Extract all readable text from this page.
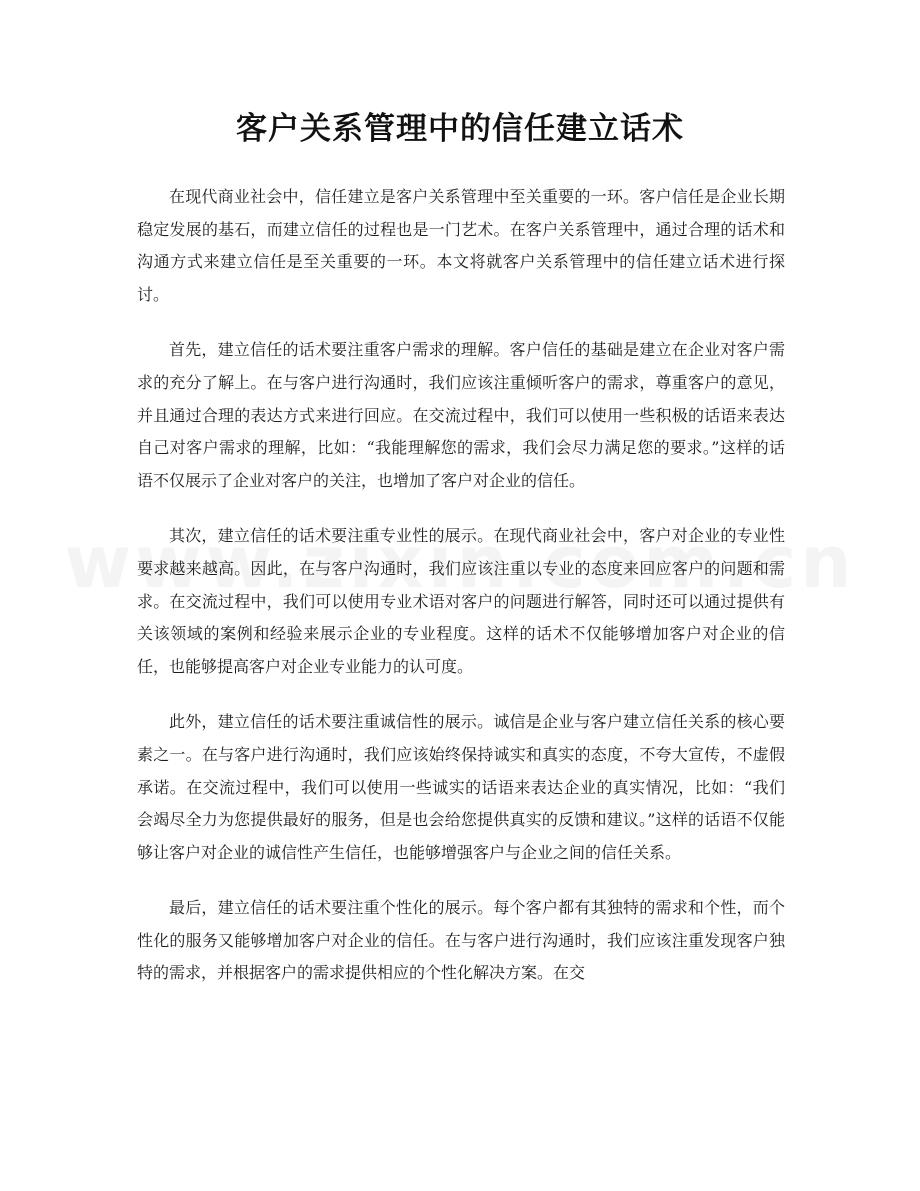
客户关系管理中的信任建立话术

在现代商业社会中，信任建立是客户关系管理中至关重要的一环。客户信任是企业长期稳定发展的基石，而建立信任的过程也是一门艺术。在客户关系管理中，通过合理的话术和沟通方式来建立信任是至关重要的一环。本文将就客户关系管理中的信任建立话术进行探讨。

首先，建立信任的话术要注重客户需求的理解。客户信任的基础是建立在企业对客户需求的充分了解上。在与客户进行沟通时，我们应该注重倾听客户的需求，尊重客户的意见，并且通过合理的表达方式来进行回应。在交流过程中，我们可以使用一些积极的话语来表达自己对客户需求的理解，比如：“我能理解您的需求，我们会尽力满足您的要求。”这样的话语不仅展示了企业对客户的关注，也增加了客户对企业的信任。

其次，建立信任的话术要注重专业性的展示。在现代商业社会中，客户对企业的专业性要求越来越高。因此，在与客户沟通时，我们应该注重以专业的态度来回应客户的问题和需求。在交流过程中，我们可以使用专业术语对客户的问题进行解答，同时还可以通过提供有关该领域的案例和经验来展示企业的专业程度。这样的话术不仅能够增加客户对企业的信任，也能够提高客户对企业专业能力的认可度。

此外，建立信任的话术要注重诚信性的展示。诚信是企业与客户建立信任关系的核心要素之一。在与客户进行沟通时，我们应该始终保持诚实和真实的态度，不夸大宣传，不虚假承诺。在交流过程中，我们可以使用一些诚实的话语来表达企业的真实情况，比如：“我们会竭尽全力为您提供最好的服务，但是也会给您提供真实的反馈和建议。”这样的话语不仅能够让客户对企业的诚信性产生信任，也能够增强客户与企业之间的信任关系。

最后，建立信任的话术要注重个性化的展示。每个客户都有其独特的需求和个性，而个性化的服务又能够增加客户对企业的信任。在与客户进行沟通时，我们应该注重发现客户独特的需求，并根据客户的需求提供相应的个性化解决方案。在交
